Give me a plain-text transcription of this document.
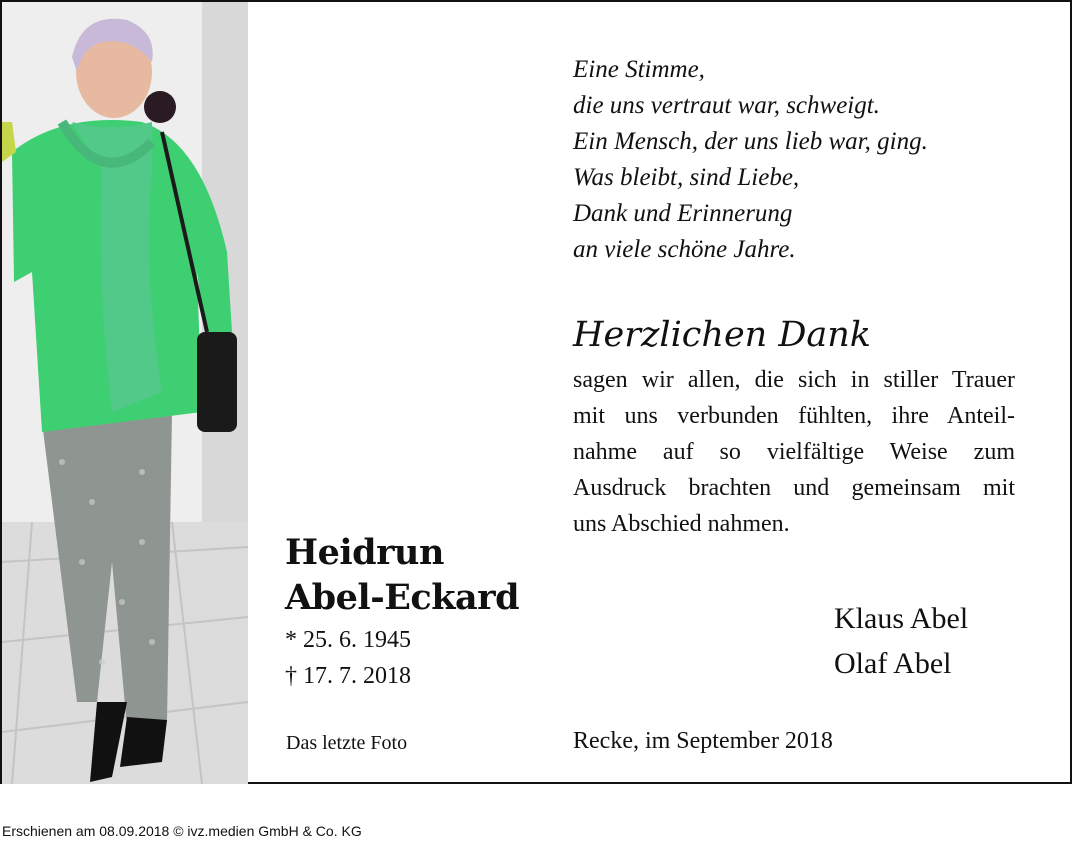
Heidrun
Abel-Eckard
* 25. 6. 1945
† 17. 7. 2018
Das letzte Foto
Eine Stimme,
die uns vertraut war, schweigt.
Ein Mensch, der uns lieb war, ging.
Was bleibt, sind Liebe,
Dank und Erinnerung
an viele schöne Jahre.
Herzlichen Dank
sagen wir allen, die sich in stiller Trauer
mit uns verbunden fühlten, ihre Anteil-
nahme auf so vielfältige Weise zum
Ausdruck brachten und gemeinsam mit
uns Abschied nahmen.
Klaus Abel
Olaf Abel
Recke, im September 2018
Erschienen am 08.09.2018 © ivz.medien GmbH & Co. KG
